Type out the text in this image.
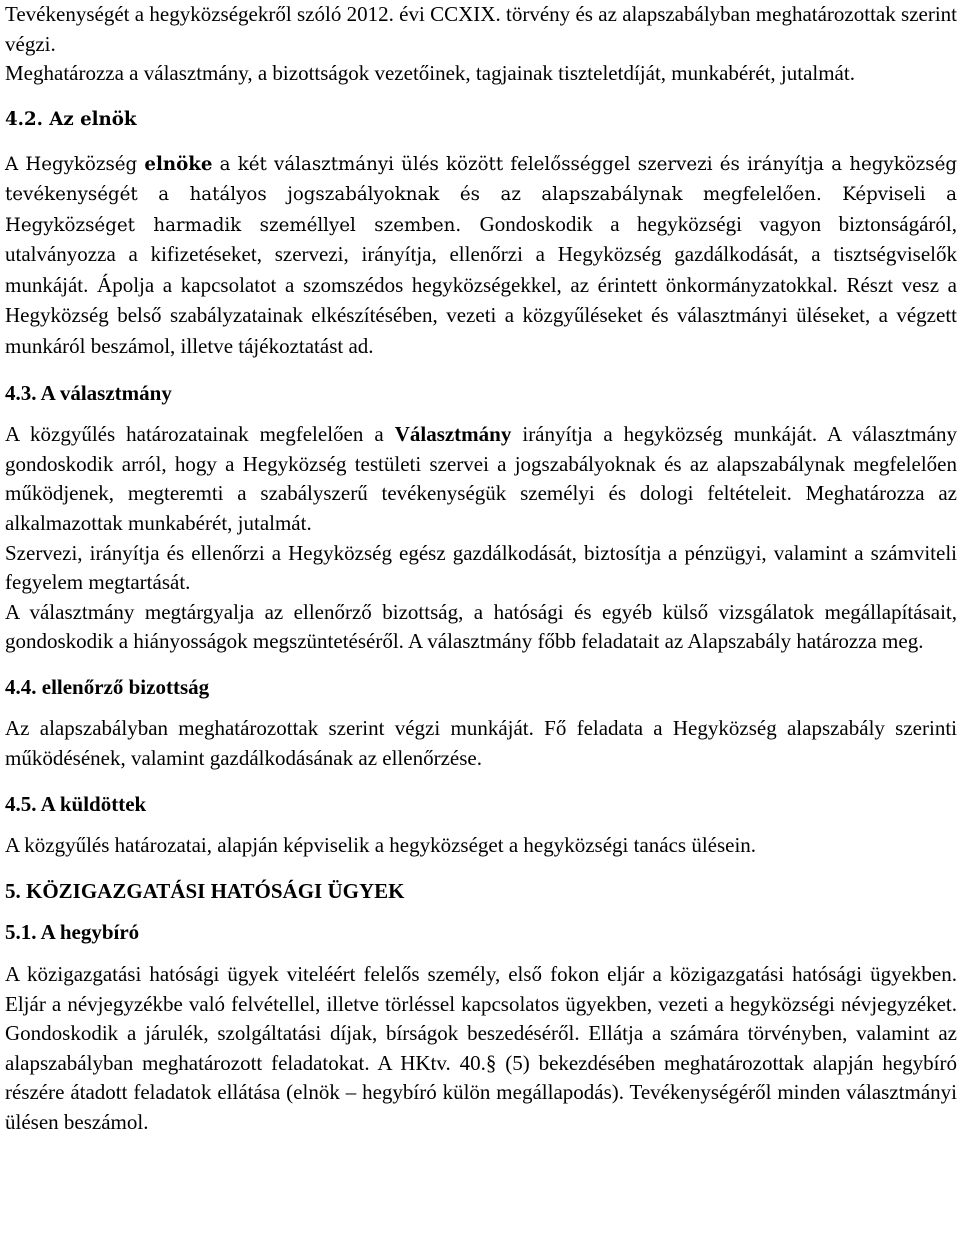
Tevékenységét a hegyközségekről szóló 2012. évi CCXIX. törvény és az alapszabályban meghatározottak szerint végzi.

Meghatározza a választmány, a bizottságok vezetőinek, tagjainak tiszteletdíját, munkabérét, jutalmát.

4.2. Az elnök

A Hegyközség elnöke a két választmányi ülés között felelősséggel szervezi és irányítja a hegyközség tevékenységét a hatályos jogszabályoknak és az alapszabálynak megfelelően. Képviseli a Hegyközséget harmadik személlyel szemben. Gondoskodik a hegyközségi vagyon biztonságáról, utalványozza a kifizetéseket, szervezi, irányítja, ellenőrzi a Hegyközség gazdálkodását, a tisztségviselők munkáját. Ápolja a kapcsolatot a szomszédos hegyközségekkel, az érintett önkormányzatokkal. Részt vesz a Hegyközség belső szabályzatainak elkészítésében, vezeti a közgyűléseket és választmányi üléseket, a végzett munkáról beszámol, illetve tájékoztatást ad.

4.3. A választmány

A közgyűlés határozatainak megfelelően a Választmány irányítja a hegyközség munkáját. A választmány gondoskodik arról, hogy a Hegyközség testületi szervei a jogszabályoknak és az alapszabálynak megfelelően működjenek, megteremti a szabályszerű tevékenységük személyi és dologi feltételeit. Meghatározza az alkalmazottak munkabérét, jutalmát.

Szervezi, irányítja és ellenőrzi a Hegyközség egész gazdálkodását, biztosítja a pénzügyi, valamint a számviteli fegyelem megtartását.

A választmány megtárgyalja az ellenőrző bizottság, a hatósági és egyéb külső vizsgálatok megállapításait, gondoskodik a hiányosságok megszüntetéséről. A választmány főbb feladatait az Alapszabály határozza meg.

4.4. ellenőrző bizottság

Az alapszabályban meghatározottak szerint végzi munkáját. Fő feladata a Hegyközség alapszabály szerinti működésének, valamint gazdálkodásának az ellenőrzése.

4.5. A küldöttek

A közgyűlés határozatai, alapján képviselik a hegyközséget a hegyközségi tanács ülésein.

5. KÖZIGAZGATÁSI HATÓSÁGI ÜGYEK
5.1. A hegybíró

A közigazgatási hatósági ügyek viteléért felelős személy, első fokon eljár a közigazgatási hatósági ügyekben. Eljár a névjegyzékbe való felvétellel, illetve törléssel kapcsolatos ügyekben, vezeti a hegyközségi névjegyzéket. Gondoskodik a járulék, szolgáltatási díjak, bírságok beszedéséről. Ellátja a számára törvényben, valamint az alapszabályban meghatározott feladatokat. A HKtv. 40.§ (5) bekezdésében meghatározottak alapján hegybíró részére átadott feladatok ellátása (elnök – hegybíró külön megállapodás). Tevékenységéről minden választmányi ülésen beszámol.
